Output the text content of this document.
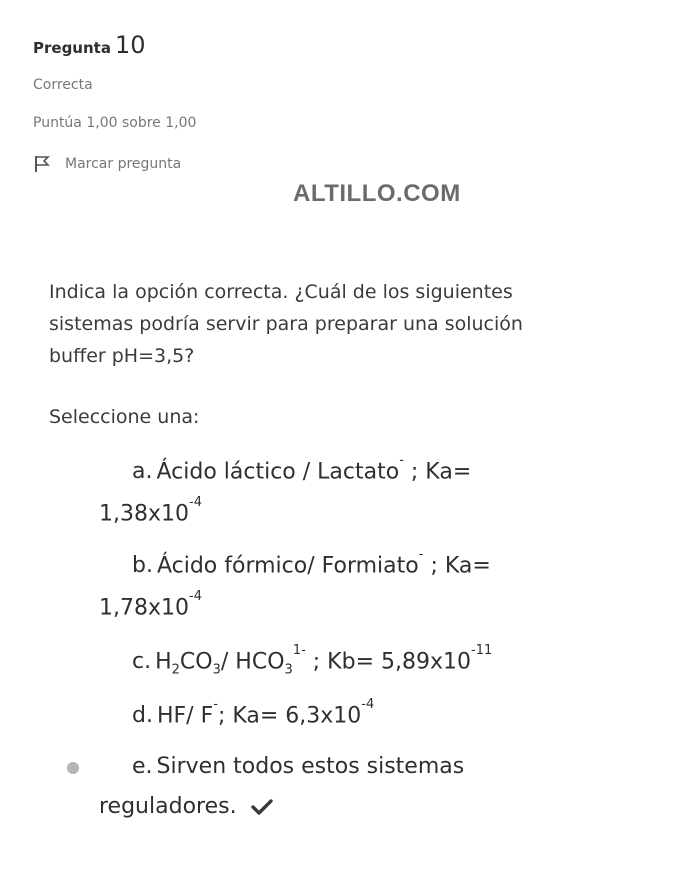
Pregunta 10
Correcta
Puntúa 1,00 sobre 1,00
Marcar pregunta
ALTILLO.COM
Indica la opción correcta. ¿Cuál de los siguientes
sistemas podría servir para preparar una solución
buffer pH=3,5?
Seleccione una:
a. Ácido láctico / Lactato- ; Ka=
$1,38x10^{-4}$
b. Ácido fórmico/ Formiato- ; Ka=
$1,78x10^{-4}$
c. $H_2CO_3/$ $HCO_3^{1-}$ ; $Kb= 5,89x10^{-11}$
d. HF/ F-; $Ka= 6,3x10^{-4}$
e. Sirven todos estos sistemas
reguladores.
